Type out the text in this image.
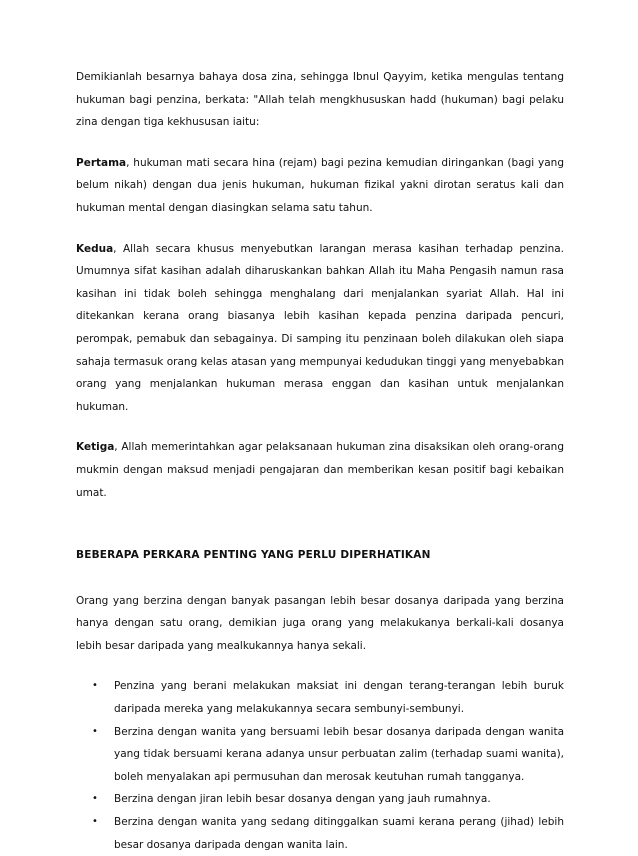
Demikianlah besarnya bahaya dosa zina, sehingga Ibnul Qayyim, ketika mengulas tentang hukuman bagi penzina, berkata: "Allah telah mengkhususkan hadd (hukuman) bagi pelaku zina dengan tiga kekhususan iaitu:

Pertama, hukuman mati secara hina (rejam) bagi pezina kemudian diringankan (bagi yang belum nikah) dengan dua jenis hukuman, hukuman fizikal yakni dirotan seratus kali dan hukuman mental dengan diasingkan selama satu tahun.

Kedua, Allah secara khusus menyebutkan larangan merasa kasihan terhadap penzina. Umumnya sifat kasihan adalah diharuskankan bahkan Allah itu Maha Pengasih namun rasa kasihan ini tidak boleh sehingga menghalang dari menjalankan syariat Allah. Hal ini ditekankan kerana orang biasanya lebih kasihan kepada penzina daripada pencuri, perompak, pemabuk dan sebagainya. Di samping itu penzinaan boleh dilakukan oleh siapa sahaja termasuk orang kelas atasan yang mempunyai kedudukan tinggi yang menyebabkan orang yang menjalankan hukuman merasa enggan dan kasihan untuk menjalankan hukuman.

Ketiga, Allah memerintahkan agar pelaksanaan hukuman zina disaksikan oleh orang-orang mukmin dengan maksud menjadi pengajaran dan memberikan kesan positif bagi kebaikan umat.

BEBERAPA PERKARA PENTING YANG PERLU DIPERHATIKAN

Orang yang berzina dengan banyak pasangan lebih besar dosanya daripada yang berzina hanya dengan satu orang, demikian juga orang yang melakukanya berkali-kali dosanya lebih besar daripada yang mealkukannya hanya sekali.

• Penzina yang berani melakukan maksiat ini dengan terang-terangan lebih buruk daripada mereka yang melakukannya secara sembunyi-sembunyi.
• Berzina dengan wanita yang bersuami lebih besar dosanya daripada dengan wanita yang tidak bersuami kerana adanya unsur perbuatan zalim (terhadap suami wanita), boleh menyalakan api permusuhan dan merosak keutuhan rumah tangganya.
• Berzina dengan jiran lebih besar dosanya dengan yang jauh rumahnya.
• Berzina dengan wanita yang sedang ditinggalkan suami kerana perang (jihad) lebih besar dosanya daripada dengan wanita lain.
